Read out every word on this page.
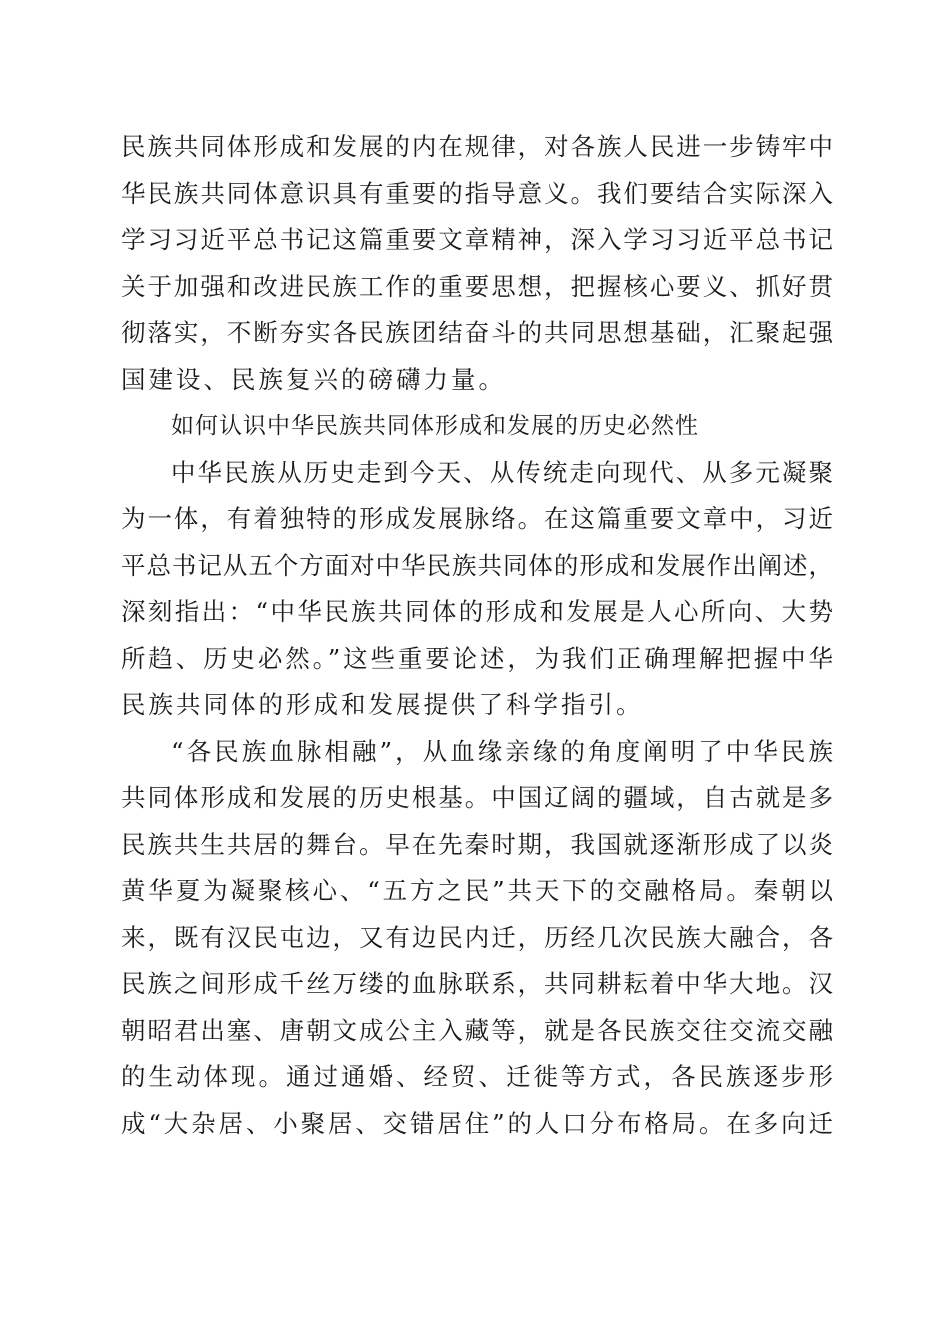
民族共同体形成和发展的内在规律，对各族人民进一步铸牢中
华民族共同体意识具有重要的指导意义。我们要结合实际深入
学习习近平总书记这篇重要文章精神，深入学习习近平总书记
关于加强和改进民族工作的重要思想，把握核心要义、抓好贯
彻落实，不断夯实各民族团结奋斗的共同思想基础，汇聚起强
国建设、民族复兴的磅礴力量。
如何认识中华民族共同体形成和发展的历史必然性
中华民族从历史走到今天、从传统走向现代、从多元凝聚
为一体，有着独特的形成发展脉络。在这篇重要文章中，习近
平总书记从五个方面对中华民族共同体的形成和发展作出阐述，
深刻指出：“中华民族共同体的形成和发展是人心所向、大势
所趋、历史必然。”这些重要论述，为我们正确理解把握中华
民族共同体的形成和发展提供了科学指引。
“各民族血脉相融”，从血缘亲缘的角度阐明了中华民族
共同体形成和发展的历史根基。中国辽阔的疆域，自古就是多
民族共生共居的舞台。早在先秦时期，我国就逐渐形成了以炎
黄华夏为凝聚核心、“五方之民”共天下的交融格局。秦朝以
来，既有汉民屯边，又有边民内迁，历经几次民族大融合，各
民族之间形成千丝万缕的血脉联系，共同耕耘着中华大地。汉
朝昭君出塞、唐朝文成公主入藏等，就是各民族交往交流交融
的生动体现。通过通婚、经贸、迁徙等方式，各民族逐步形
成“大杂居、小聚居、交错居住”的人口分布格局。在多向迁
